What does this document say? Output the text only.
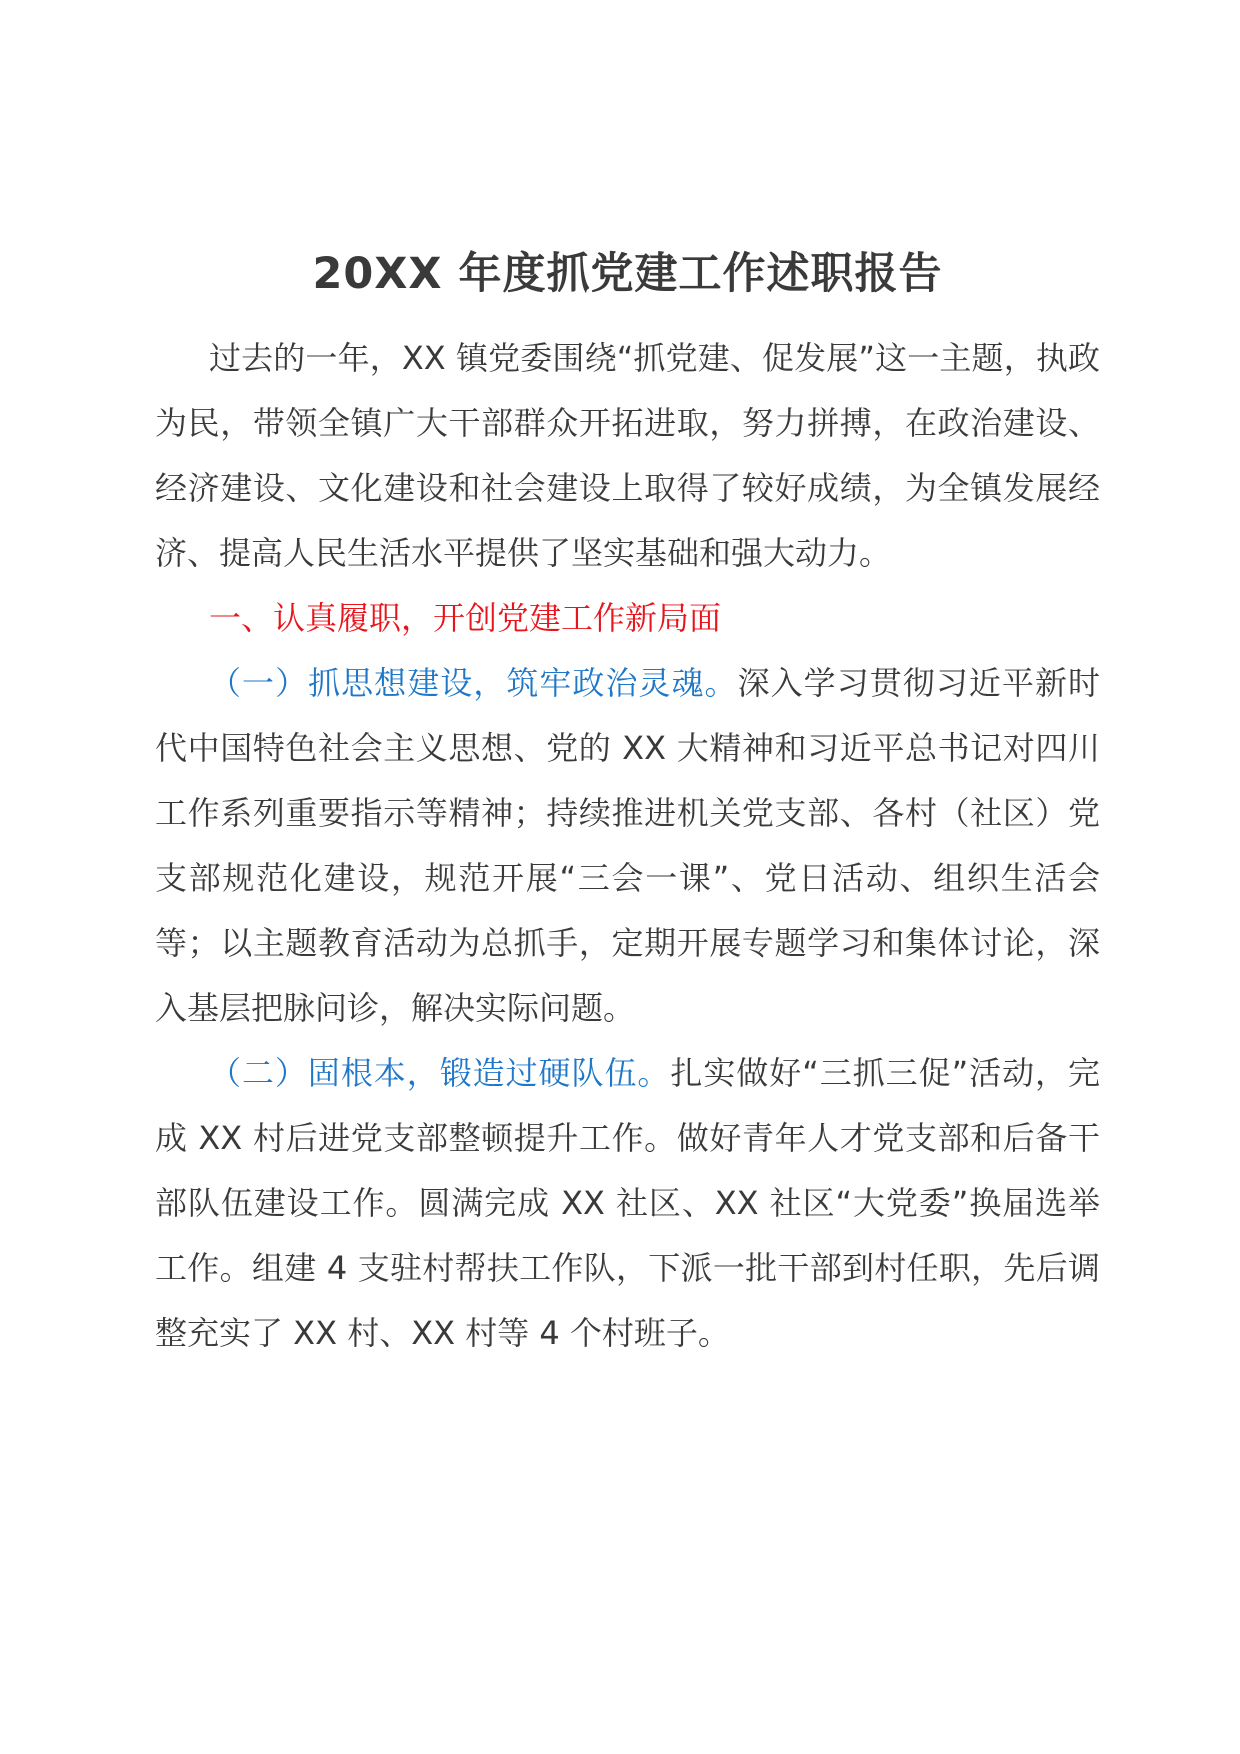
20XX 年度抓党建工作述职报告

过去的一年，XX 镇党委围绕“抓党建、促发展”这一主题，执政为民，带领全镇广大干部群众开拓进取，努力拼搏，在政治建设、经济建设、文化建设和社会建设上取得了较好成绩，为全镇发展经济、提高人民生活水平提供了坚实基础和强大动力。

一、认真履职，开创党建工作新局面

（一）抓思想建设，筑牢政治灵魂。深入学习贯彻习近平新时代中国特色社会主义思想、党的 XX 大精神和习近平总书记对四川工作系列重要指示等精神；持续推进机关党支部、各村（社区）党支部规范化建设，规范开展“三会一课”、党日活动、组织生活会等；以主题教育活动为总抓手，定期开展专题学习和集体讨论，深入基层把脉问诊，解决实际问题。

（二）固根本，锻造过硬队伍。扎实做好“三抓三促”活动，完成 XX 村后进党支部整顿提升工作。做好青年人才党支部和后备干部队伍建设工作。圆满完成 XX 社区、XX 社区“大党委”换届选举工作。组建 4 支驻村帮扶工作队，下派一批干部到村任职，先后调整充实了 XX 村、XX 村等 4 个村班子。
